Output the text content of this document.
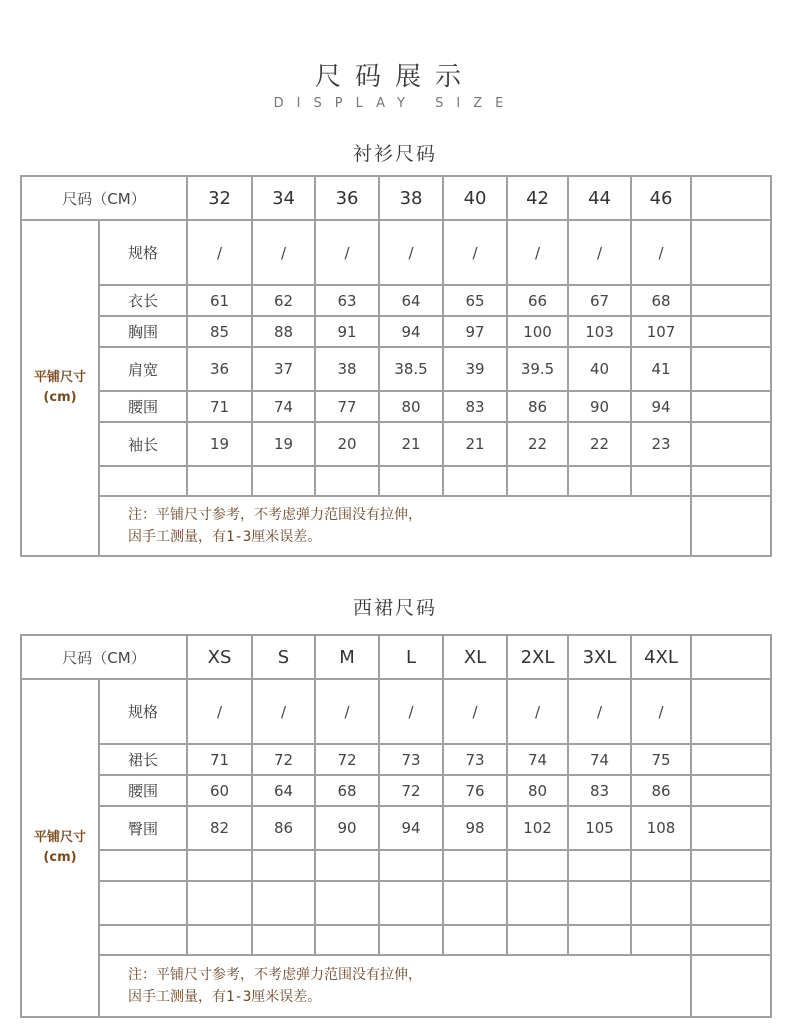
尺码展示
DISPLAY SIZE
衬衫尺码
尺码（CM）		32	34	36	38	40	42	44	46	
平铺尺寸
(cm)	规格	/	/	/	/	/	/	/	/	
	衣长	61	62	63	64	65	66	67	68	
	胸围	85	88	91	94	97	100	103	107	
	肩宽	36	37	38	38.5	39	39.5	40	41	
	腰围	71	74	77	80	83	86	90	94	
	袖长	19	19	20	21	21	22	22	23	

	注：平铺尺寸参考，不考虑弹力范围没有拉伸，
因手工测量，有1-3厘米误差。									
西裙尺码
尺码（CM）		XS	S	M	L	XL	2XL	3XL	4XL	
平铺尺寸
(cm)	规格	/	/	/	/	/	/	/	/	
	裙长	71	72	72	73	73	74	74	75	
	腰围	60	64	68	72	76	80	83	86	
	臀围	82	86	90	94	98	102	105	108	

	注：平铺尺寸参考，不考虑弹力范围没有拉伸，
因手工测量，有1-3厘米误差。									
